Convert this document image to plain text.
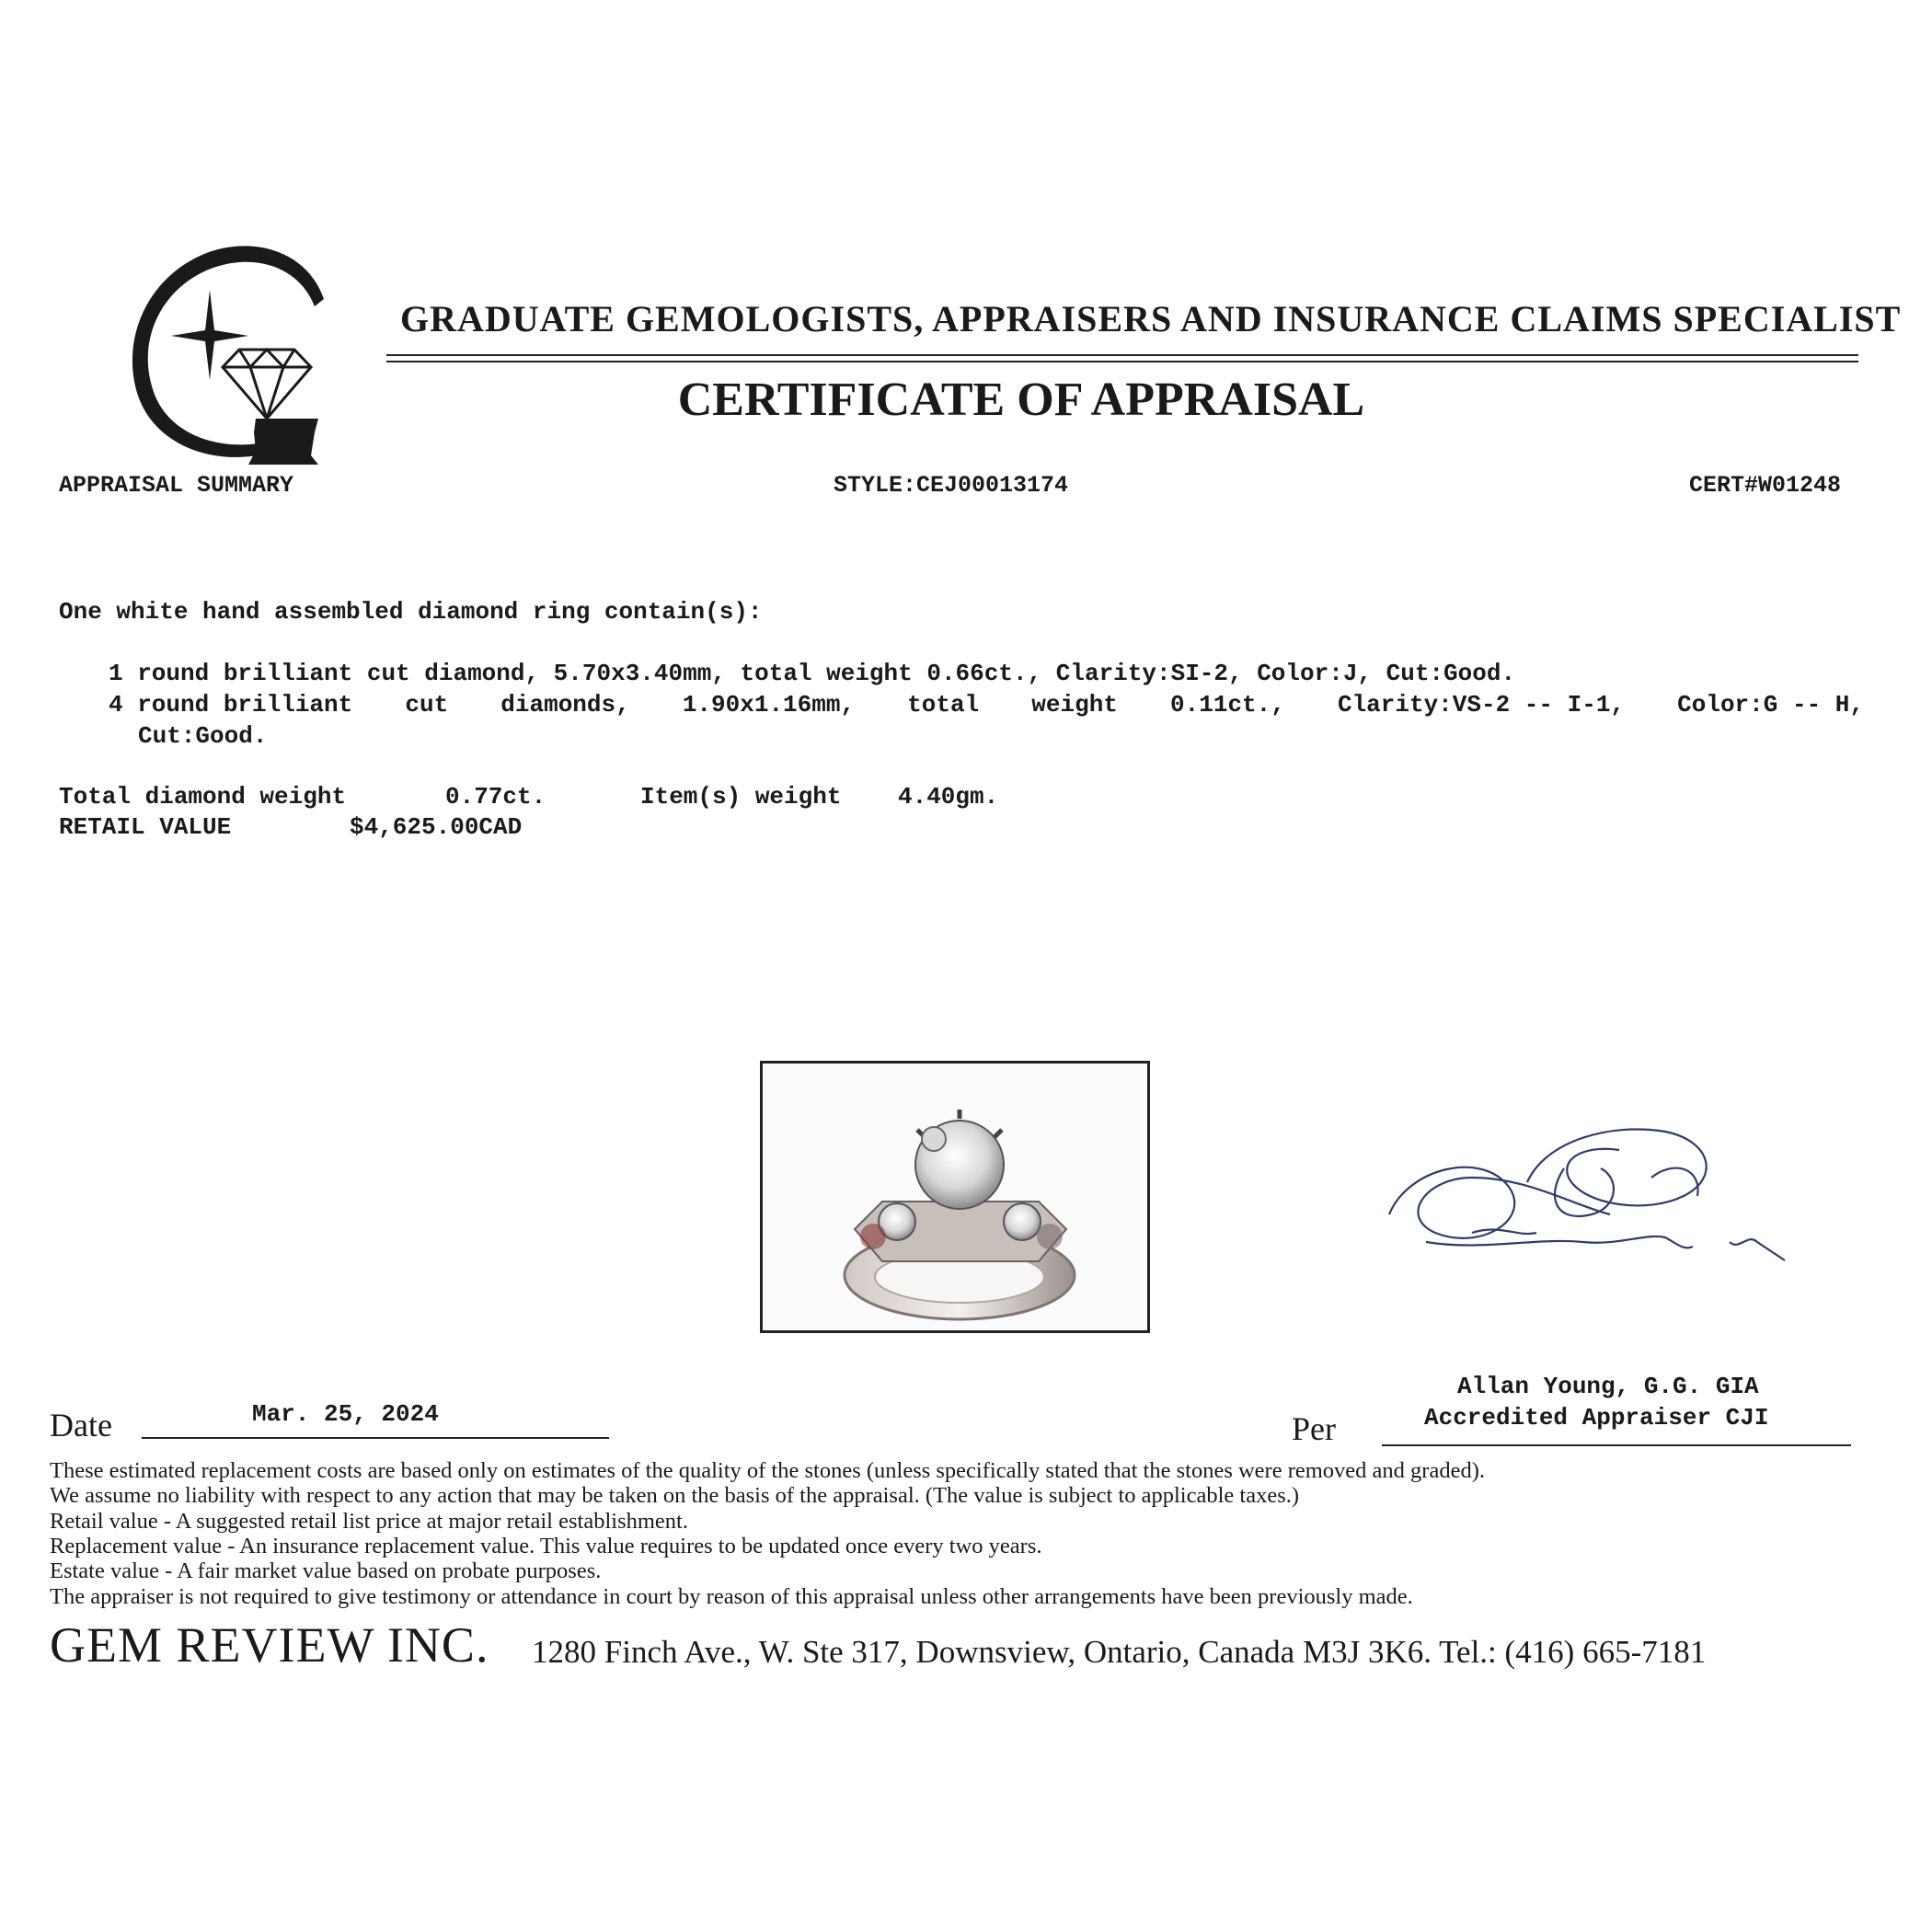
GRADUATE GEMOLOGISTS, APPRAISERS AND INSURANCE CLAIMS SPECIALIST
CERTIFICATE OF APPRAISAL
APPRAISAL SUMMARY	STYLE:CEJ00013174	CERT#W01248
One white hand assembled diamond ring contain(s):
1 round brilliant cut diamond, 5.70x3.40mm, total weight 0.66ct., Clarity:SI-2, Color:J, Cut:Good.
4 round brilliant cut diamonds, 1.90x1.16mm, total weight 0.11ct., Clarity:VS-2 -- I-1, Color:G -- H,
Cut:Good.
Total diamond weight	0.77ct.	Item(s) weight 4.40gm.
RETAIL VALUE	$4,625.00CAD
Allan Young, G.G. GIA
Accredited Appraiser CJI
Per
Date	Mar. 25, 2024
These estimated replacement costs are based only on estimates of the quality of the stones (unless specifically stated that the stones were removed and graded).
We assume no liability with respect to any action that may be taken on the basis of the appraisal. (The value is subject to applicable taxes.)
Retail value - A suggested retail list price at major retail establishment.
Replacement value - An insurance replacement value. This value requires to be updated once every two years.
Estate value - A fair market value based on probate purposes.
The appraiser is not required to give testimony or attendance in court by reason of this appraisal unless other arrangements have been previously made.
GEM REVIEW INC. 1280 Finch Ave., W. Ste 317, Downsview, Ontario, Canada M3J 3K6. Tel.: (416) 665-7181
